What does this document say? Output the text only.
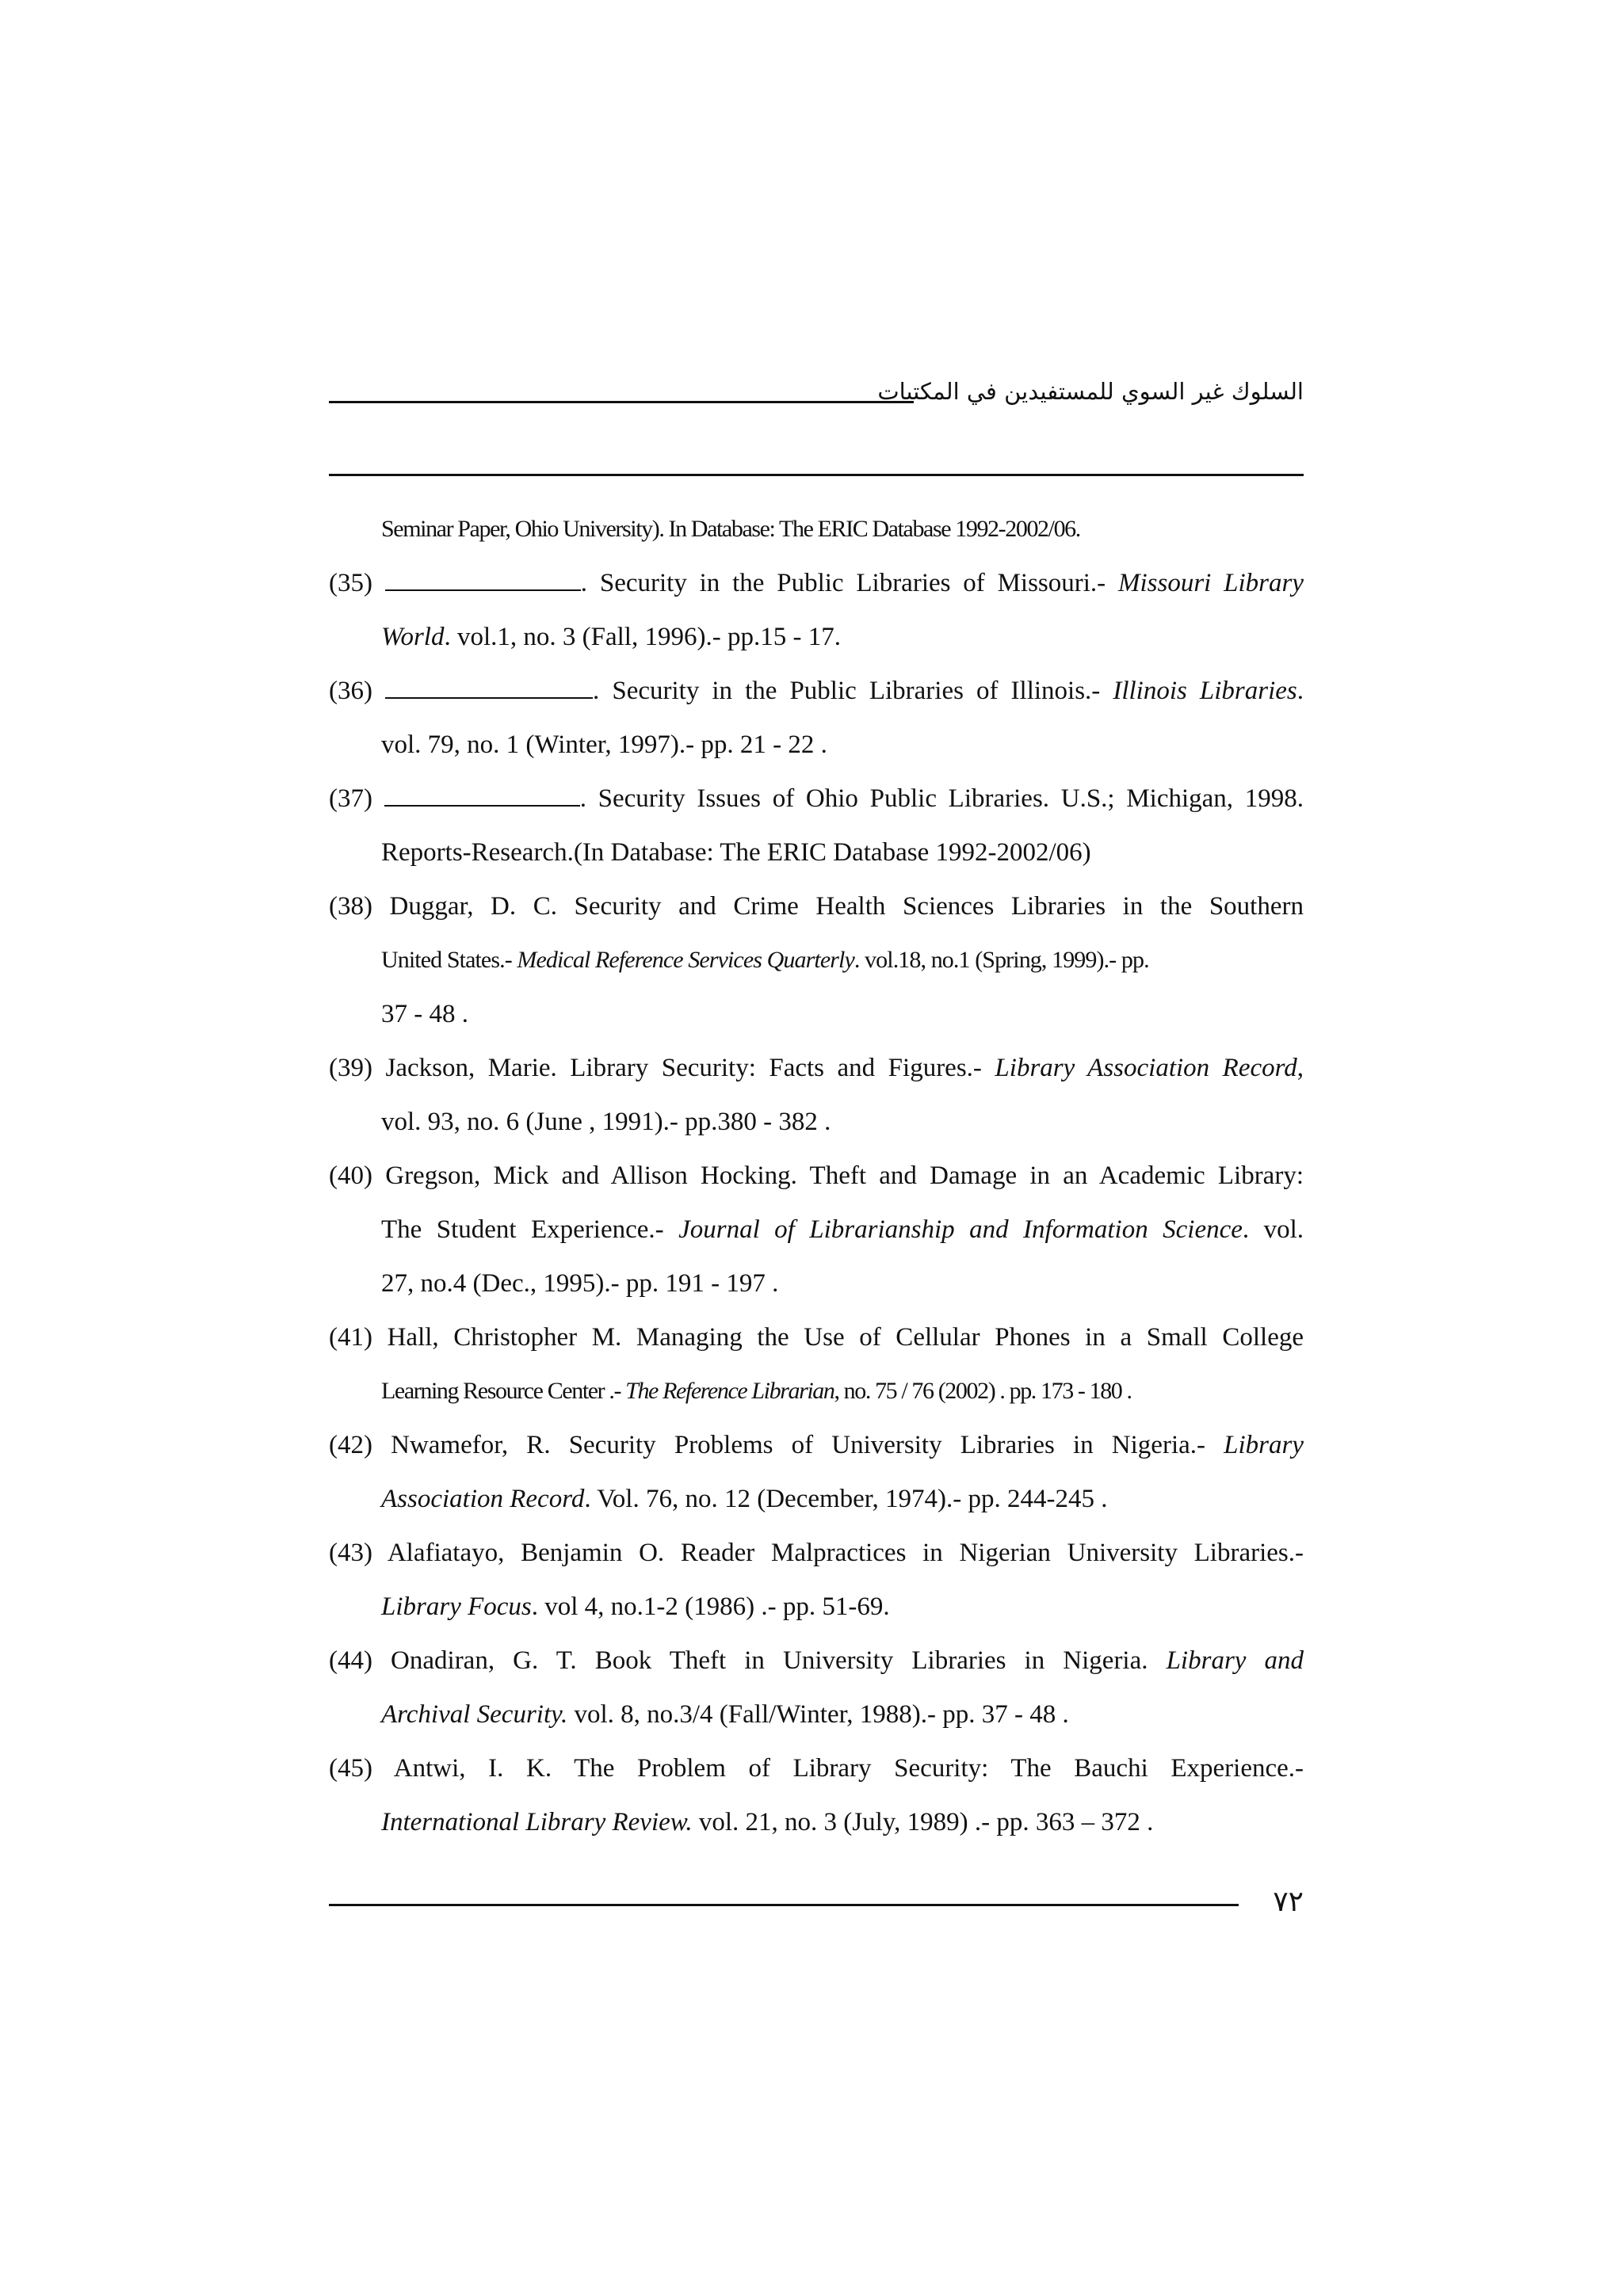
السلوك غير السوي للمستفيدين في المكتبات
Seminar Paper, Ohio University). In Database: The ERIC Database 1992-2002/06.
(35)	. Security in the Public Libraries of Missouri.- Missouri Library
World. vol.1, no. 3 (Fall, 1996).- pp.15 - 17.
(36)	. Security in the Public Libraries of Illinois.- Illinois Libraries.
vol. 79, no. 1 (Winter, 1997).- pp. 21 - 22 .
(37)	. Security Issues of Ohio Public Libraries. U.S.; Michigan, 1998.
Reports-Research.(In Database: The ERIC Database 1992-2002/06)
(38) Duggar, D. C. Security and Crime Health Sciences Libraries in the Southern
United States.- Medical Reference Services Quarterly. vol.18, no.1 (Spring, 1999).- pp.
37 - 48 .
(39) Jackson, Marie. Library Security: Facts and Figures.- Library Association Record,
vol. 93, no. 6 (June , 1991).- pp.380 - 382 .
(40) Gregson, Mick and Allison Hocking. Theft and Damage in an Academic Library:
The Student Experience.- Journal of Librarianship and Information Science. vol.
27, no.4 (Dec., 1995).- pp. 191 - 197 .
(41) Hall, Christopher M. Managing the Use of Cellular Phones in a Small College
Learning Resource Center .- The Reference Librarian, no. 75 / 76 (2002) . pp. 173 - 180 .
(42) Nwamefor, R. Security Problems of University Libraries in Nigeria.- Library
Association Record. Vol. 76, no. 12 (December, 1974).- pp. 244-245 .
(43) Alafiatayo, Benjamin O. Reader Malpractices in Nigerian University Libraries.-
Library Focus. vol 4, no.1-2 (1986) .- pp. 51-69.
(44) Onadiran, G. T. Book Theft in University Libraries in Nigeria. Library and
Archival Security. vol. 8, no.3/4 (Fall/Winter, 1988).- pp. 37 - 48 .
(45) Antwi, I. K. The Problem of Library Security: The Bauchi Experience.-
International Library Review. vol. 21, no. 3 (July, 1989) .- pp. 363 – 372 .
٧٢
